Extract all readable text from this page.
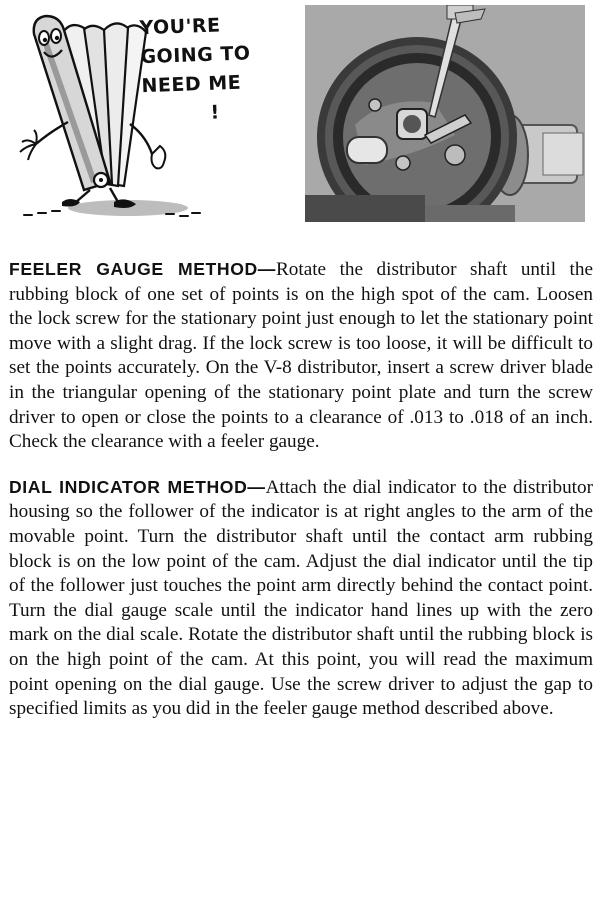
YOU'RE
GOING TO
NEED ME
!

FEELER GAUGE METHOD—Rotate the distributor shaft until the rubbing block of one set of points is on the high spot of the cam. Loosen the lock screw for the stationary point just enough to let the stationary point move with a slight drag. If the lock screw is too loose, it will be difficult to set the points accurately. On the V-8 distributor, insert a screw driver blade in the triangular opening of the stationary point plate and turn the screw driver to open or close the points to a clearance of .013 to .018 of an inch. Check the clearance with a feeler gauge.

DIAL INDICATOR METHOD—Attach the dial indicator to the distributor housing so the follower of the indicator is at right angles to the arm of the movable point. Turn the distributor shaft until the contact arm rubbing block is on the low point of the cam. Adjust the dial indicator until the tip of the follower just touches the point arm directly behind the contact point. Turn the dial gauge scale until the indicator hand lines up with the zero mark on the dial scale. Rotate the distributor shaft until the rubbing block is on the high point of the cam. At this point, you will read the maximum point opening on the dial gauge. Use the screw driver to adjust the gap to specified limits as you did in the feeler gauge method described above.
